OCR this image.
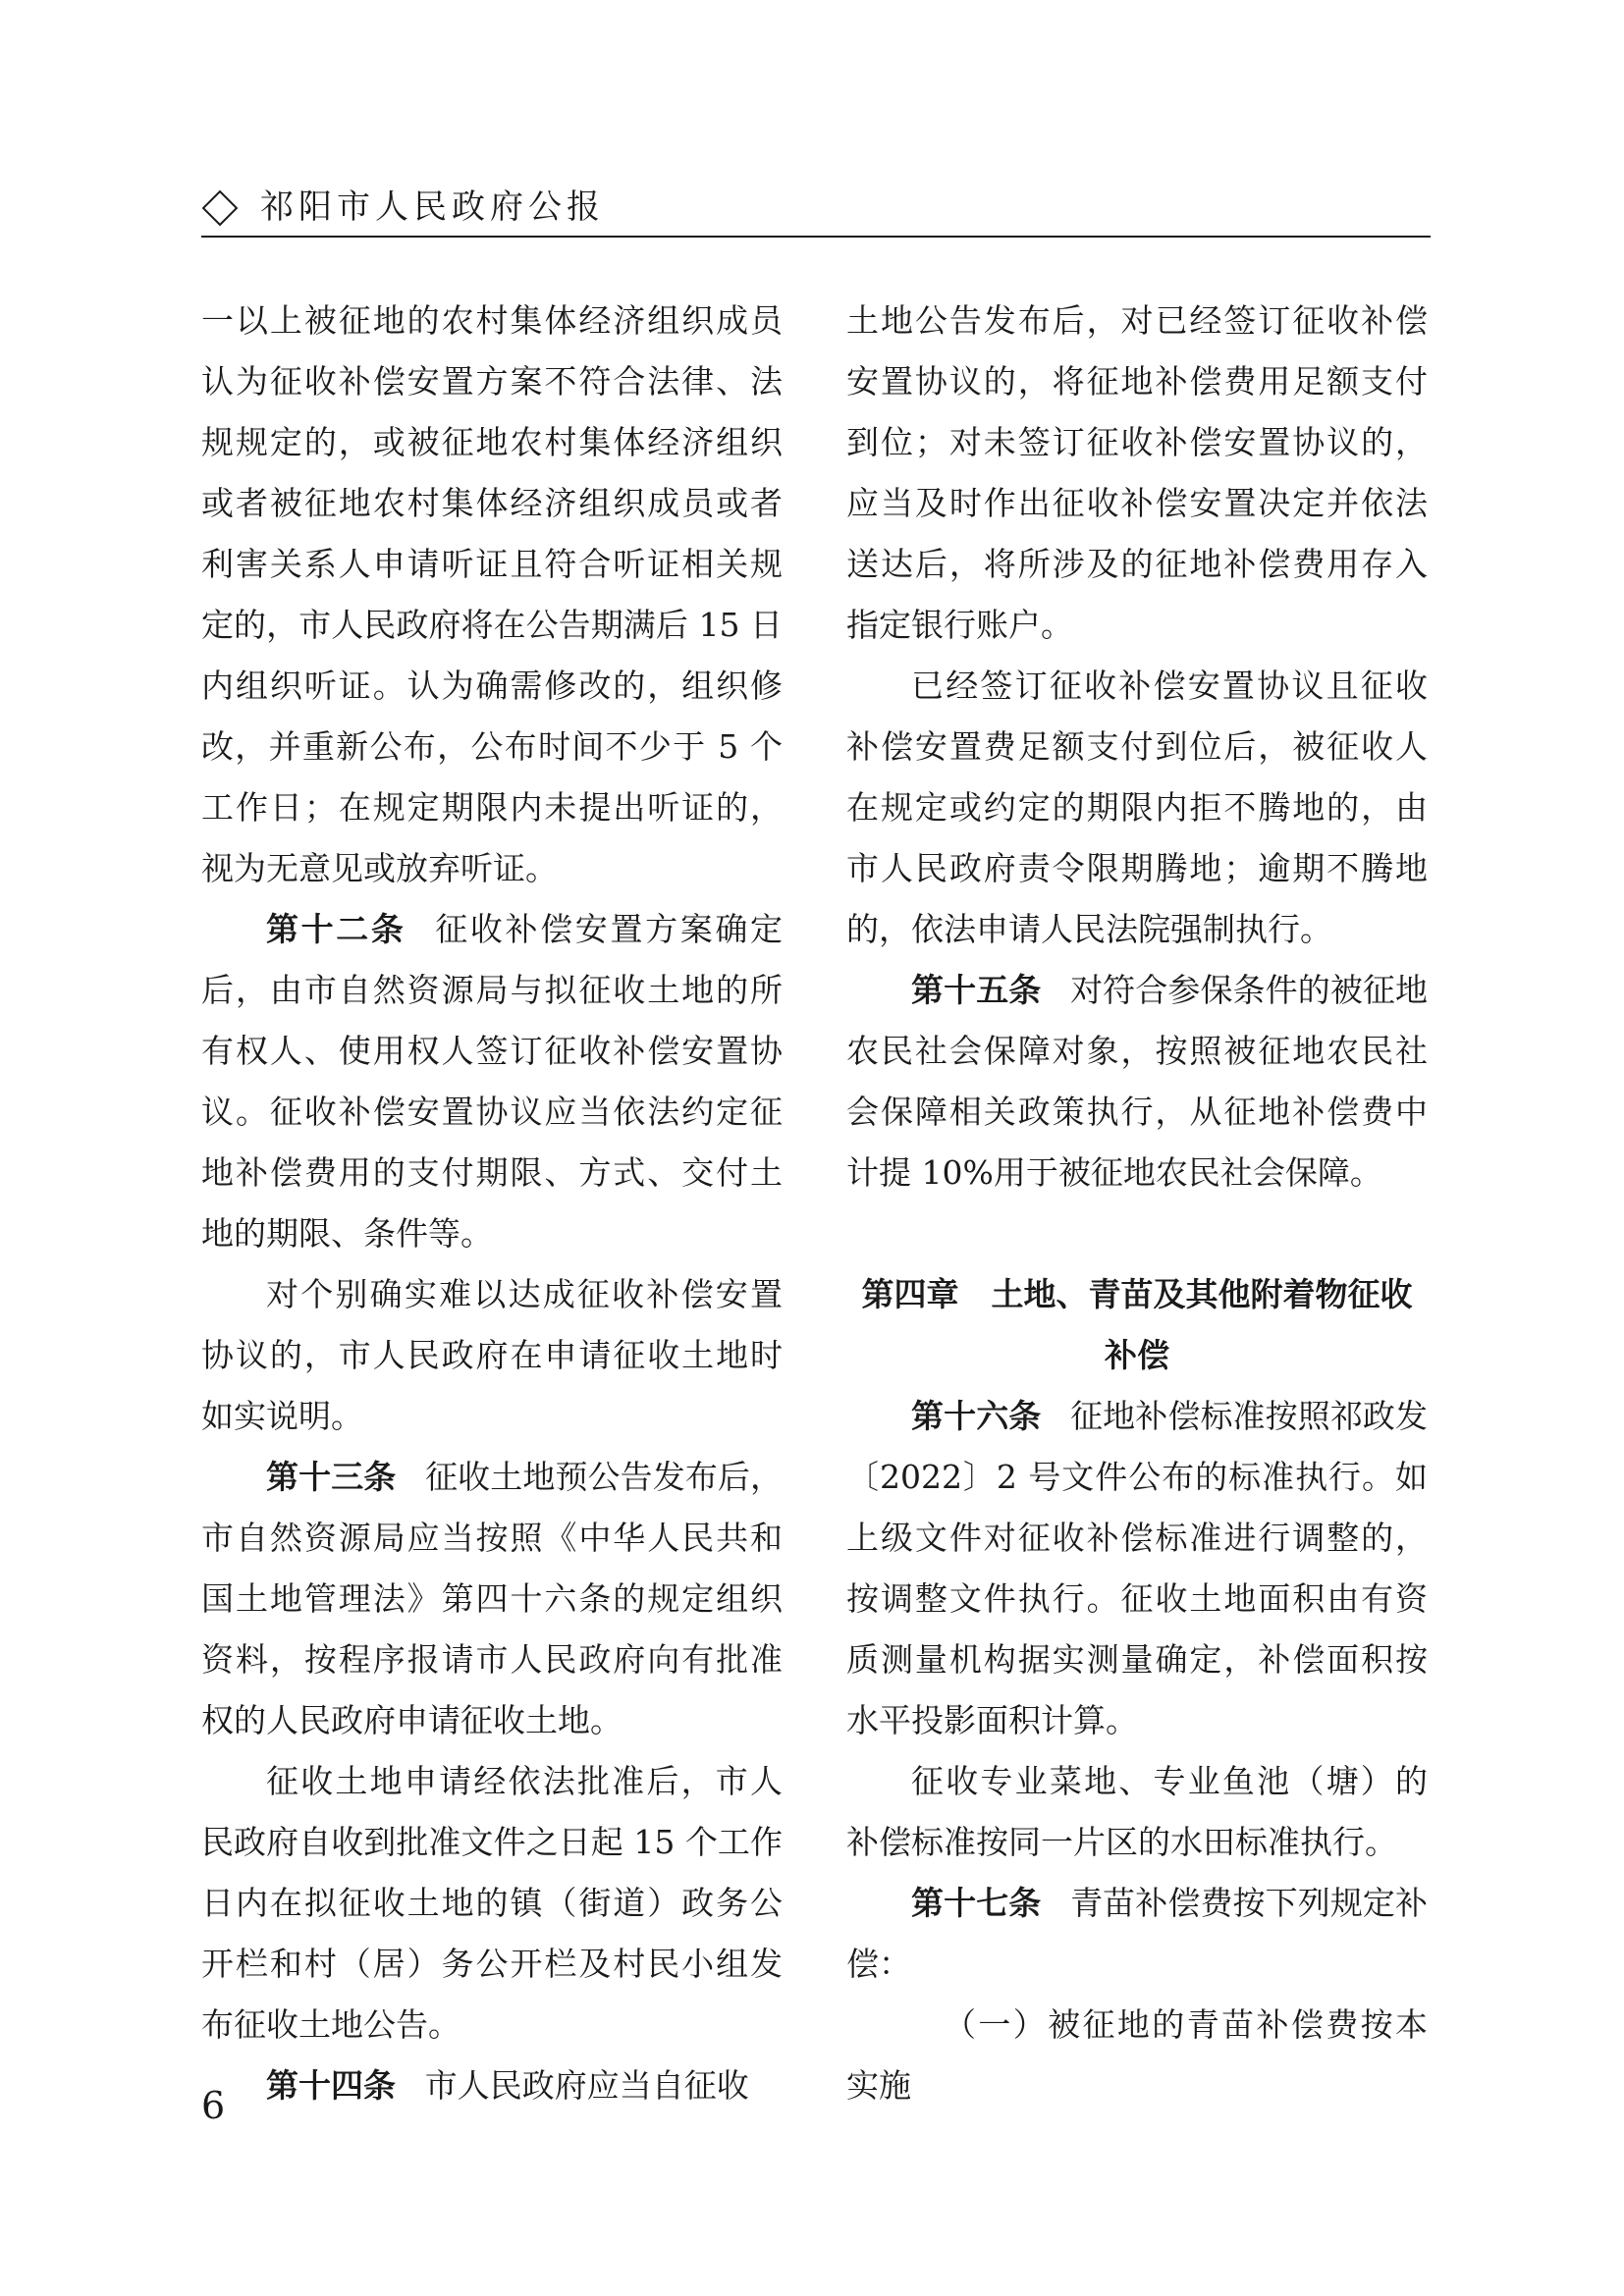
祁阳市人民政府公报

一以上被征地的农村集体经济组织成员认为征收补偿安置方案不符合法律、法规规定的，或被征地农村集体经济组织或者被征地农村集体经济组织成员或者利害关系人申请听证且符合听证相关规定的，市人民政府将在公告期满后 15 日内组织听证。认为确需修改的，组织修改，并重新公布，公布时间不少于 5 个工作日；在规定期限内未提出听证的，视为无意见或放弃听证。

第十二条 征收补偿安置方案确定后，由市自然资源局与拟征收土地的所有权人、使用权人签订征收补偿安置协议。征收补偿安置协议应当依法约定征地补偿费用的支付期限、方式、交付土地的期限、条件等。

对个别确实难以达成征收补偿安置协议的，市人民政府在申请征收土地时如实说明。

第十三条 征收土地预公告发布后，市自然资源局应当按照《中华人民共和国土地管理法》第四十六条的规定组织资料，按程序报请市人民政府向有批准权的人民政府申请征收土地。

征收土地申请经依法批准后，市人民政府自收到批准文件之日起 15 个工作日内在拟征收土地的镇（街道）政务公开栏和村（居）务公开栏及村民小组发布征收土地公告。

第十四条 市人民政府应当自征收

土地公告发布后，对已经签订征收补偿安置协议的，将征地补偿费用足额支付到位；对未签订征收补偿安置协议的，应当及时作出征收补偿安置决定并依法送达后，将所涉及的征地补偿费用存入指定银行账户。

已经签订征收补偿安置协议且征收补偿安置费足额支付到位后，被征收人在规定或约定的期限内拒不腾地的，由市人民政府责令限期腾地；逾期不腾地的，依法申请人民法院强制执行。

第十五条 对符合参保条件的被征地农民社会保障对象，按照被征地农民社会保障相关政策执行，从征地补偿费中计提 10%用于被征地农民社会保障。

第四章　土地、青苗及其他附着物征收
补偿

第十六条 征地补偿标准按照祁政发〔2022〕2 号文件公布的标准执行。如上级文件对征收补偿标准进行调整的，按调整文件执行。征收土地面积由有资质测量机构据实测量确定，补偿面积按水平投影面积计算。

征收专业菜地、专业鱼池（塘）的补偿标准按同一片区的水田标准执行。

第十七条 青苗补偿费按下列规定补偿：

（一）被征地的青苗补偿费按本实施

6
